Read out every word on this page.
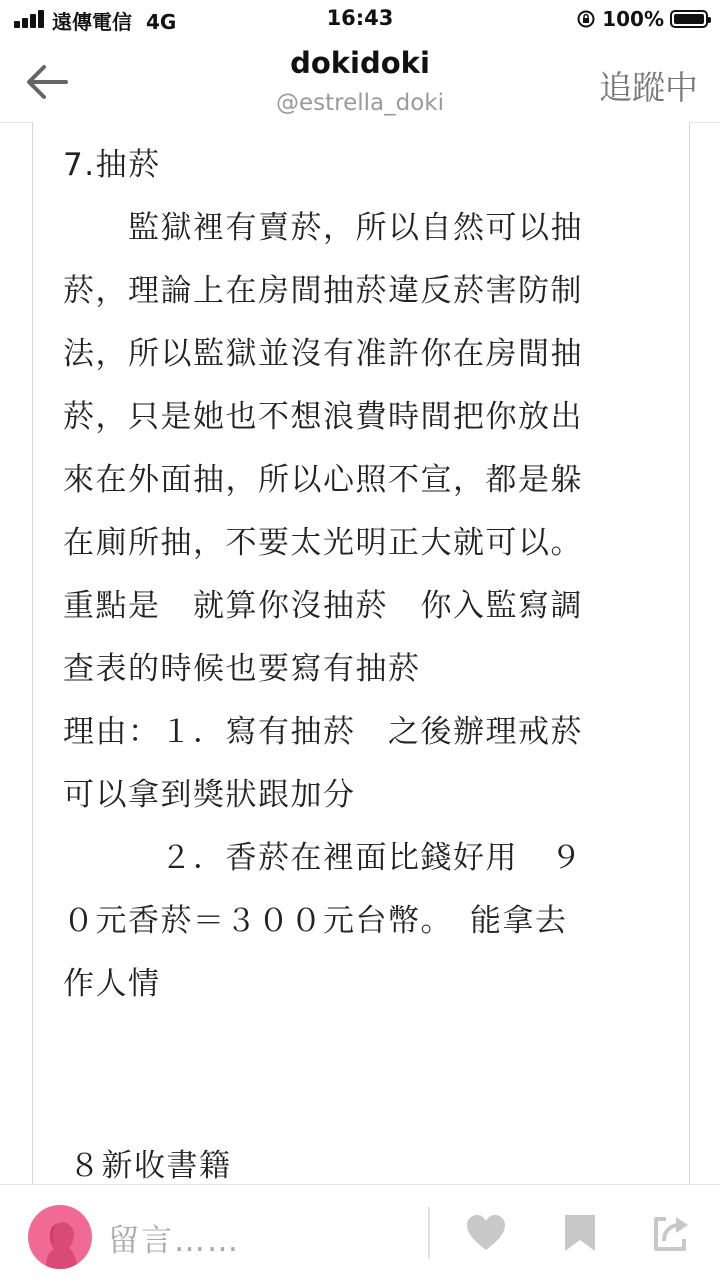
遠傳電信 4G	16:43	100%
dokidoki
@estrella_doki	追蹤中
7.抽菸
　　監獄裡有賣菸，所以自然可以抽
菸，理論上在房間抽菸違反菸害防制
法，所以監獄並沒有准許你在房間抽
菸，只是她也不想浪費時間把你放出
來在外面抽，所以心照不宣，都是躲
在廁所抽，不要太光明正大就可以。
重點是　就算你沒抽菸　你入監寫調
查表的時候也要寫有抽菸
理由：１．寫有抽菸　之後辦理戒菸
可以拿到獎狀跟加分
　　　２．香菸在裡面比錢好用　９
０元香菸＝３００元台幣。　能拿去
作人情
８新收書籍
留言……
